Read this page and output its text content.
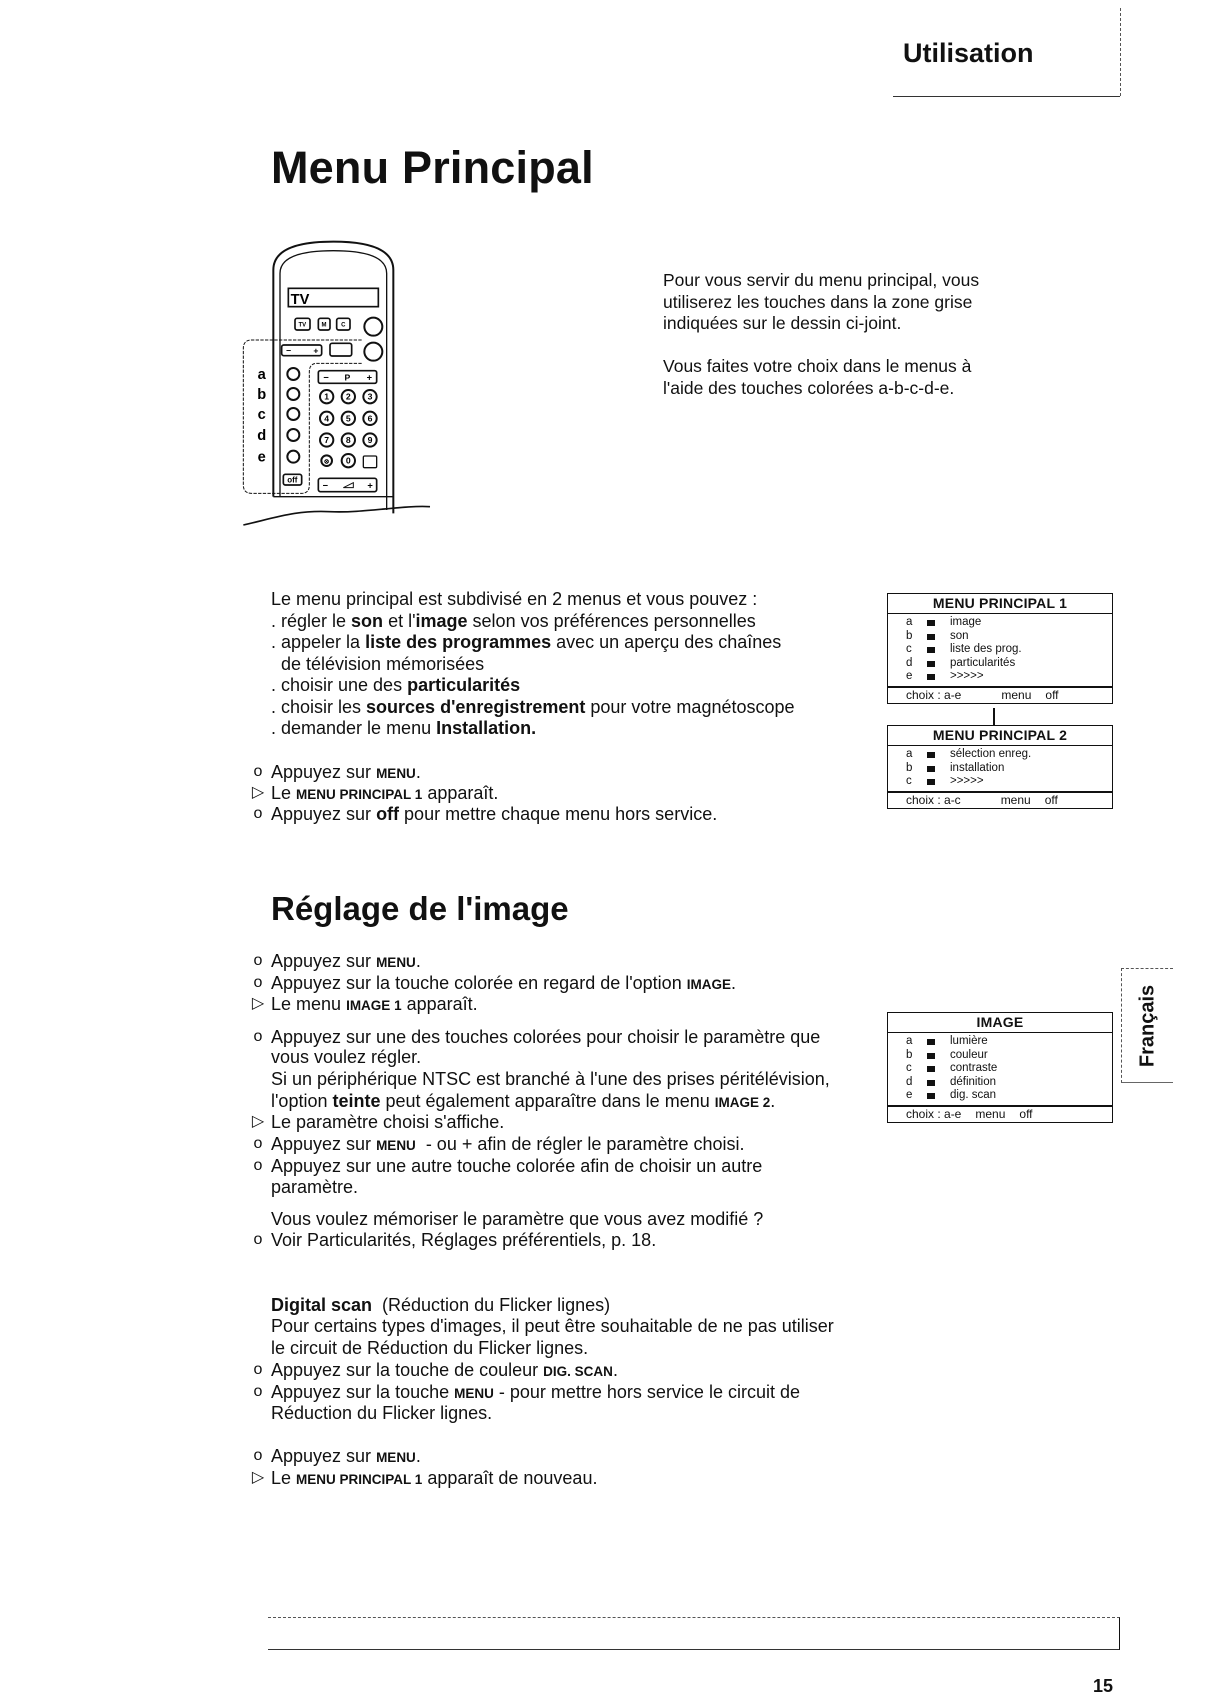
Utilisation
Menu Principal
TV
TV M C
− +
a
b
c
d
e
off
− P +
1 2 3
4 5 6
7 8 9
⊗ 0
− +
Pour vous servir du menu principal, vous
utiliserez les touches dans la zone grise
indiquées sur le dessin ci-joint.
Vous faites votre choix dans le menus à
l'aide des touches colorées a-b-c-d-e.
Le menu principal est subdivisé en 2 menus et vous pouvez :
. régler le son et l'image selon vos préférences personnelles
. appeler la liste des programmes avec un aperçu des chaînes
de télévision mémorisées
. choisir une des particularités
. choisir les sources d'enregistrement pour votre magnétoscope
. demander le menu Installation.
o Appuyez sur MENU.
▷ Le MENU PRINCIPAL 1 apparaît.
o Appuyez sur off pour mettre chaque menu hors service.
Réglage de l'image
o Appuyez sur MENU.
o Appuyez sur la touche colorée en regard de l'option IMAGE.
▷ Le menu IMAGE 1 apparaît.
o Appuyez sur une des touches colorées pour choisir le paramètre que
vous voulez régler.
Si un périphérique NTSC est branché à l'une des prises péritélévision,
l'option teinte peut également apparaître dans le menu IMAGE 2.
▷ Le paramètre choisi s'affiche.
o Appuyez sur MENU  - ou + afin de régler le paramètre choisi.
o Appuyez sur une autre touche colorée afin de choisir un autre
paramètre.
Vous voulez mémoriser le paramètre que vous avez modifié ?
o Voir Particularités, Réglages préférentiels, p. 18.
Digital scan  (Réduction du Flicker lignes)
Pour certains types d'images, il peut être souhaitable de ne pas utiliser
le circuit de Réduction du Flicker lignes.
o Appuyez sur la touche de couleur DIG. SCAN.
o Appuyez sur la touche MENU - pour mettre hors service le circuit de
Réduction du Flicker lignes.
o Appuyez sur MENU.
▷ Le MENU PRINCIPAL 1 apparaît de nouveau.
MENU PRINCIPAL 1
a	image
b	son
c	liste des prog.
d	particularités
e	>>>>>
choix : a-e	menu off
MENU PRINCIPAL 2
a	sélection enreg.
b	installation
c	>>>>>
choix : a-c	menu off
IMAGE
a	lumière
b	couleur
c	contraste
d	définition
e	dig. scan
choix : a-e menu off
Français
15
